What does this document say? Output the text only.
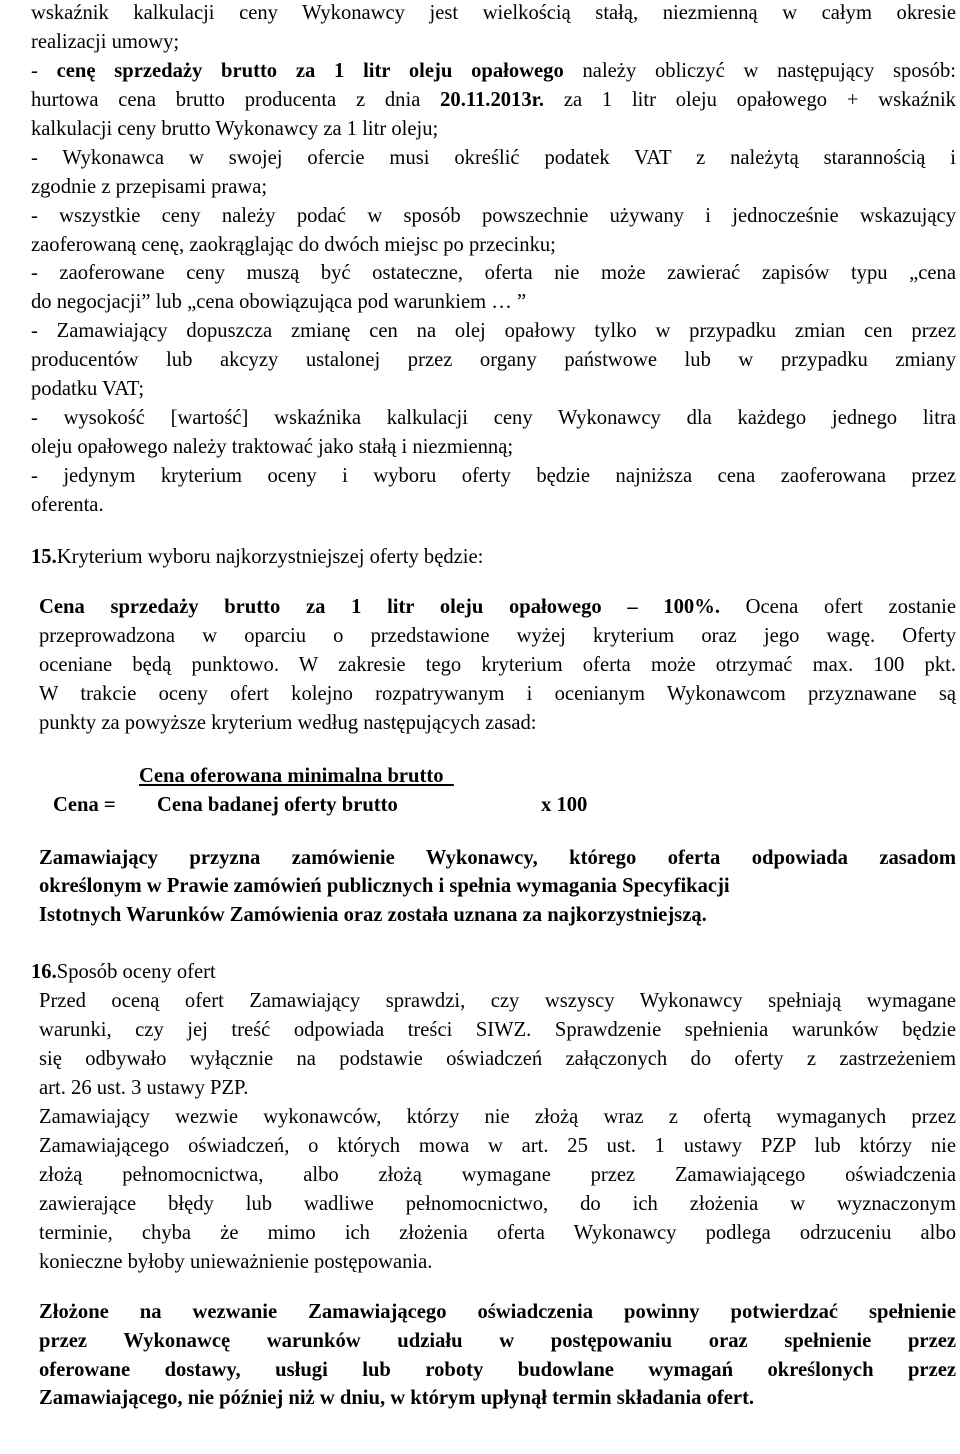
wskaźnik kalkulacji ceny Wykonawcy jest wielkością stałą, niezmienną w całym okresie
realizacji umowy;
- cenę sprzedaży brutto za 1 litr oleju opałowego należy obliczyć w następujący sposób:
hurtowa cena brutto producenta z dnia 20.11.2013r. za 1 litr oleju opałowego + wskaźnik
kalkulacji ceny brutto Wykonawcy za 1 litr oleju;
- Wykonawca w swojej ofercie musi określić podatek VAT z należytą starannością i
zgodnie z przepisami prawa;
- wszystkie ceny należy podać w sposób powszechnie używany i jednocześnie wskazujący
zaoferowaną cenę, zaokrąglając do dwóch miejsc po przecinku;
- zaoferowane ceny muszą być ostateczne, oferta nie może zawierać zapisów typu „cena
do negocjacji” lub „cena obowiązująca pod warunkiem … ”
- Zamawiający dopuszcza zmianę cen na olej opałowy tylko w przypadku zmian cen przez
producentów lub akcyzy ustalonej przez organy państwowe lub w przypadku zmiany
podatku VAT;
- wysokość [wartość] wskaźnika kalkulacji ceny Wykonawcy dla każdego jednego litra
oleju opałowego należy traktować jako stałą i niezmienną;
- jedynym kryterium oceny i wyboru oferty będzie najniższa cena zaoferowana przez
oferenta.
15.Kryterium wyboru najkorzystniejszej oferty będzie:
Cena sprzedaży brutto za 1 litr oleju opałowego – 100%. Ocena ofert zostanie
przeprowadzona w oparciu o przedstawione wyżej kryterium oraz jego wagę. Oferty
oceniane będą punktowo. W zakresie tego kryterium oferta może otrzymać max. 100 pkt.
W trakcie oceny ofert kolejno rozpatrywanym i ocenianym Wykonawcom przyznawane są
punkty za powyższe kryterium według następujących zasad:
Cena oferowana minimalna brutto
Cena = Cena badanej oferty brutto	x 100
Zamawiający przyzna zamówienie Wykonawcy, którego oferta odpowiada zasadom
określonym w Prawie zamówień publicznych i spełnia wymagania Specyfikacji
Istotnych Warunków Zamówienia oraz została uznana za najkorzystniejszą.
16.Sposób oceny ofert
Przed oceną ofert Zamawiający sprawdzi, czy wszyscy Wykonawcy spełniają wymagane
warunki, czy jej treść odpowiada treści SIWZ. Sprawdzenie spełnienia warunków będzie
się odbywało wyłącznie na podstawie oświadczeń załączonych do oferty z zastrzeżeniem
art. 26 ust. 3 ustawy PZP.
Zamawiający wezwie wykonawców, którzy nie złożą wraz z ofertą wymaganych przez
Zamawiającego oświadczeń, o których mowa w art. 25 ust. 1 ustawy PZP lub którzy nie
złożą pełnomocnictwa, albo złożą wymagane przez Zamawiającego oświadczenia
zawierające błędy lub wadliwe pełnomocnictwo, do ich złożenia w wyznaczonym
terminie, chyba że mimo ich złożenia oferta Wykonawcy podlega odrzuceniu albo
konieczne byłoby unieważnienie postępowania.
Złożone na wezwanie Zamawiającego oświadczenia powinny potwierdzać spełnienie
przez Wykonawcę warunków udziału w postępowaniu oraz spełnienie przez
oferowane dostawy, usługi lub roboty budowlane wymagań określonych przez
Zamawiającego, nie później niż w dniu, w którym upłynął termin składania ofert.
